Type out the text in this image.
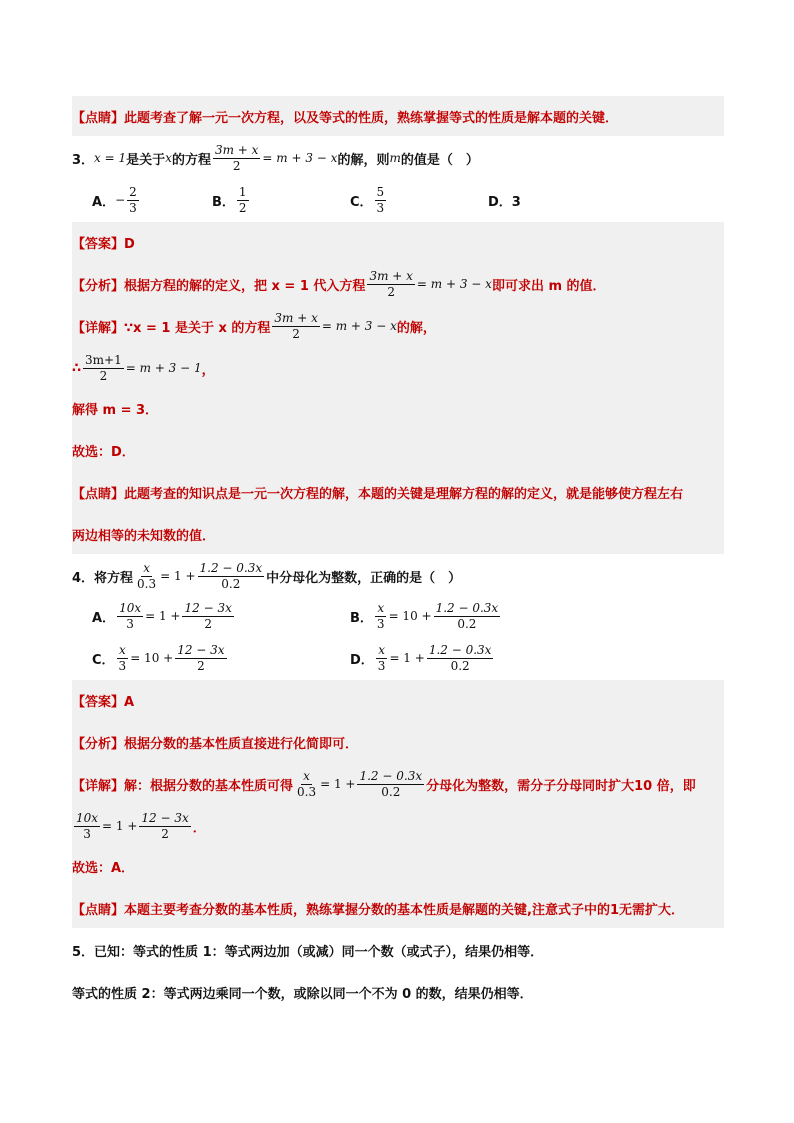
【点睛】此题考查了解一元一次方程，以及等式的性质，熟练掌握等式的性质是解本题的关键．
3． x = 1 是关于 x 的方程 $\frac{3m + x}{2} = m + 3 - x$ 的解，则 m 的值是（　）
A． − $\frac{2}{3}$	B． $\frac{1}{2}$	C． $\frac{5}{3}$	D．3
【答案】D
【分析】根据方程的解的定义，把 x = 1 代入方程 $\frac{3m + x}{2} = m + 3 - x$ 即可求出 m 的值．
【详解】∵x = 1 是关于 x 的方程 $\frac{3m + x}{2} = m + 3 - x$ 的解，
∴ $\frac{3m+1}{2} = m + 3 - 1$ ，
解得 m = 3．
故选：D．
【点睛】此题考查的知识点是一元一次方程的解，本题的关键是理解方程的解的定义，就是能够使方程左右
两边相等的未知数的值．
4．将方程 $\frac{x}{0.3} = 1 + \frac{1.2 - 0.3x}{0.2}$ 中分母化为整数，正确的是（　）
A． $\frac{10x}{3} = 1 + \frac{12 - 3x}{2}$	B． $\frac{x}{3} = 10 + \frac{1.2 - 0.3x}{0.2}$
C． $\frac{x}{3} = 10 + \frac{12 - 3x}{2}$	D． $\frac{x}{3} = 1 + \frac{1.2 - 0.3x}{0.2}$
【答案】A
【分析】根据分数的基本性质直接进行化简即可．
【详解】解：根据分数的基本性质可得 $\frac{x}{0.3} = 1 + \frac{1.2 - 0.3x}{0.2}$ 分母化为整数，需分子分母同时扩大10 倍，即
$\frac{10x}{3} = 1 + \frac{12 - 3x}{2}$ ．
故选：A．
【点睛】本题主要考查分数的基本性质，熟练掌握分数的基本性质是解题的关键,注意式子中的1无需扩大．
5．已知：等式的性质 1：等式两边加（或减）同一个数（或式子），结果仍相等．
等式的性质 2：等式两边乘同一个数，或除以同一个不为 0 的数，结果仍相等．
